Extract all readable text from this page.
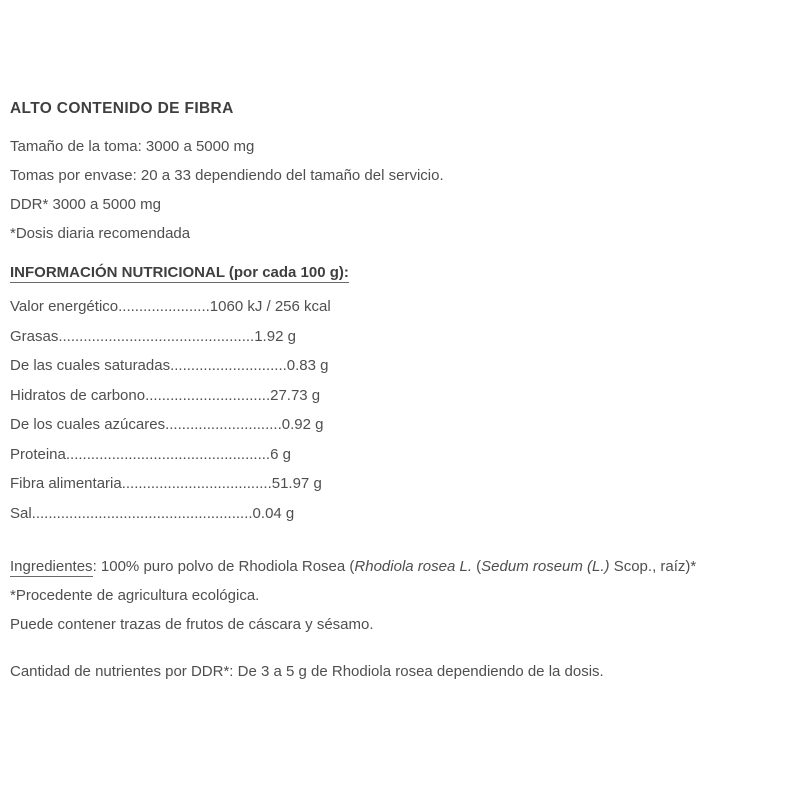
ALTO CONTENIDO DE FIBRA
Tamaño de la toma: 3000 a 5000 mg
Tomas por envase: 20 a 33 dependiendo del tamaño del servicio.
DDR* 3000 a 5000 mg
*Dosis diaria recomendada
INFORMACIÓN NUTRICIONAL (por cada 100 g):
Valor energético......................1060 kJ / 256 kcal
Grasas...............................................1.92 g
De las cuales saturadas............................0.83 g
Hidratos de carbono..............................27.73 g
De los cuales azúcares............................0.92 g
Proteina.................................................6 g
Fibra alimentaria....................................51.97 g
Sal.....................................................0.04 g
Ingredientes: 100% puro polvo de Rhodiola Rosea (Rhodiola rosea L. (Sedum roseum (L.) Scop., raíz)*
*Procedente de agricultura ecológica.
Puede contener trazas de frutos de cáscara y sésamo.
Cantidad de nutrientes por DDR*: De 3 a 5 g de Rhodiola rosea dependiendo de la dosis.
